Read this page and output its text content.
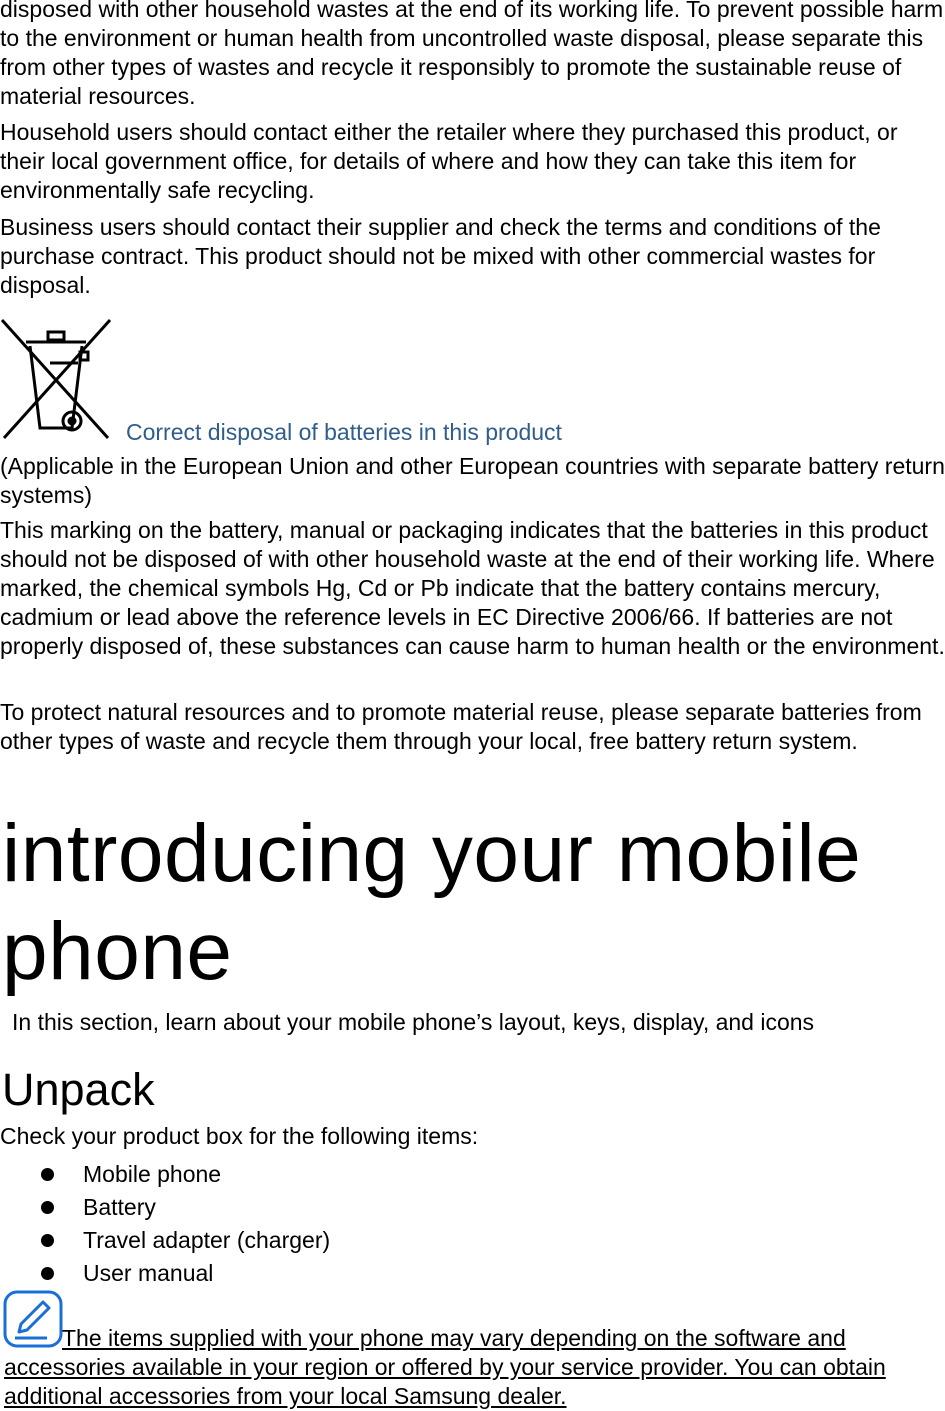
disposed with other household wastes at the end of its working life. To prevent possible harm to the environment or human health from uncontrolled waste disposal, please separate this from other types of wastes and recycle it responsibly to promote the sustainable reuse of material resources.

Household users should contact either the retailer where they purchased this product, or their local government office, for details of where and how they can take this item for environmentally safe recycling.

Business users should contact their supplier and check the terms and conditions of the purchase contract. This product should not be mixed with other commercial wastes for disposal.

Correct disposal of batteries in this product

(Applicable in the European Union and other European countries with separate battery return systems)

This marking on the battery, manual or packaging indicates that the batteries in this product should not be disposed of with other household waste at the end of their working life. Where marked, the chemical symbols Hg, Cd or Pb indicate that the battery contains mercury, cadmium or lead above the reference levels in EC Directive 2006/66. If batteries are not properly disposed of, these substances can cause harm to human health or the environment.

To protect natural resources and to promote material reuse, please separate batteries from other types of waste and recycle them through your local, free battery return system.

introducing your mobile phone
In this section, learn about your mobile phone’s layout, keys, display, and icons
Unpack
Check your product box for the following items:
Mobile phone
Battery
Travel adapter (charger)
User manual
The items supplied with your phone may vary depending on the software and accessories available in your region or offered by your service provider. You can obtain additional accessories from your local Samsung dealer.
